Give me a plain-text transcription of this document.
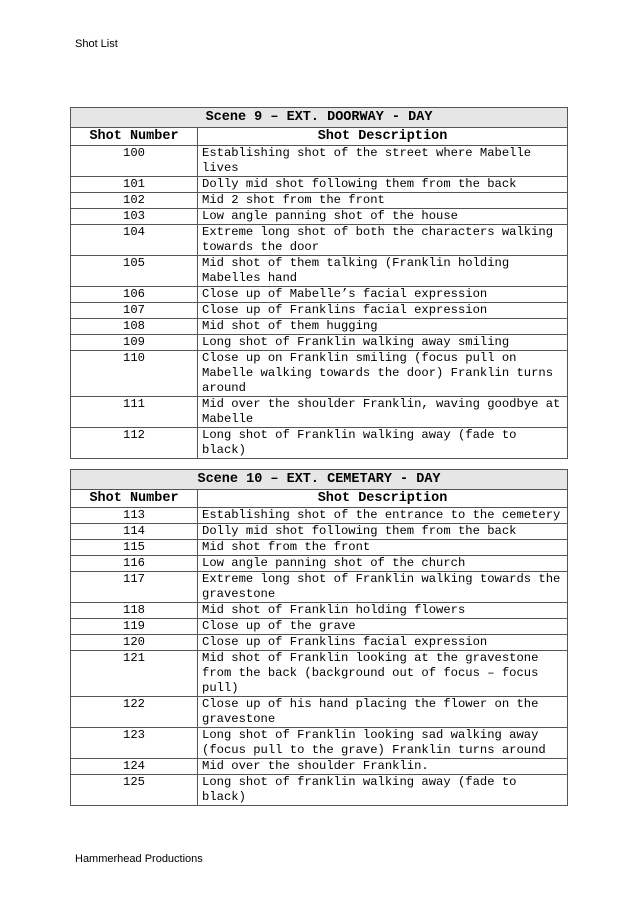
Shot List
Scene 9 – EXT. DOORWAY - DAY	
Shot Number	Shot Description
100	Establishing shot of the street where Mabelle lives
101	Dolly mid shot following them from the back
102	Mid 2 shot from the front
103	Low angle panning shot of the house
104	Extreme long shot of both the characters walking towards the door
105	Mid shot of them talking (Franklin holding Mabelles hand
106	Close up of Mabelle’s facial expression
107	Close up of Franklins facial expression
108	Mid shot of them hugging
109	Long shot of Franklin walking away smiling
110	Close up on Franklin smiling (focus pull on Mabelle walking towards the door) Franklin turns around
111	Mid over the shoulder Franklin, waving goodbye at Mabelle
112	Long shot of Franklin walking away (fade to black)
Scene 10 – EXT. CEMETARY - DAY	
Shot Number	Shot Description
113	Establishing shot of the entrance to the cemetery
114	Dolly mid shot following them from the back
115	Mid shot from the front
116	Low angle panning shot of the church
117	Extreme long shot of Franklin walking towards the gravestone
118	Mid shot of Franklin holding flowers
119	Close up of the grave
120	Close up of Franklins facial expression
121	Mid shot of Franklin looking at the gravestone from the back (background out of focus – focus pull)
122	Close up of his hand placing the flower on the gravestone
123	Long shot of Franklin looking sad walking away (focus pull to the grave) Franklin turns around
124	Mid over the shoulder Franklin.
125	Long shot of franklin walking away (fade to black)
Hammerhead Productions
